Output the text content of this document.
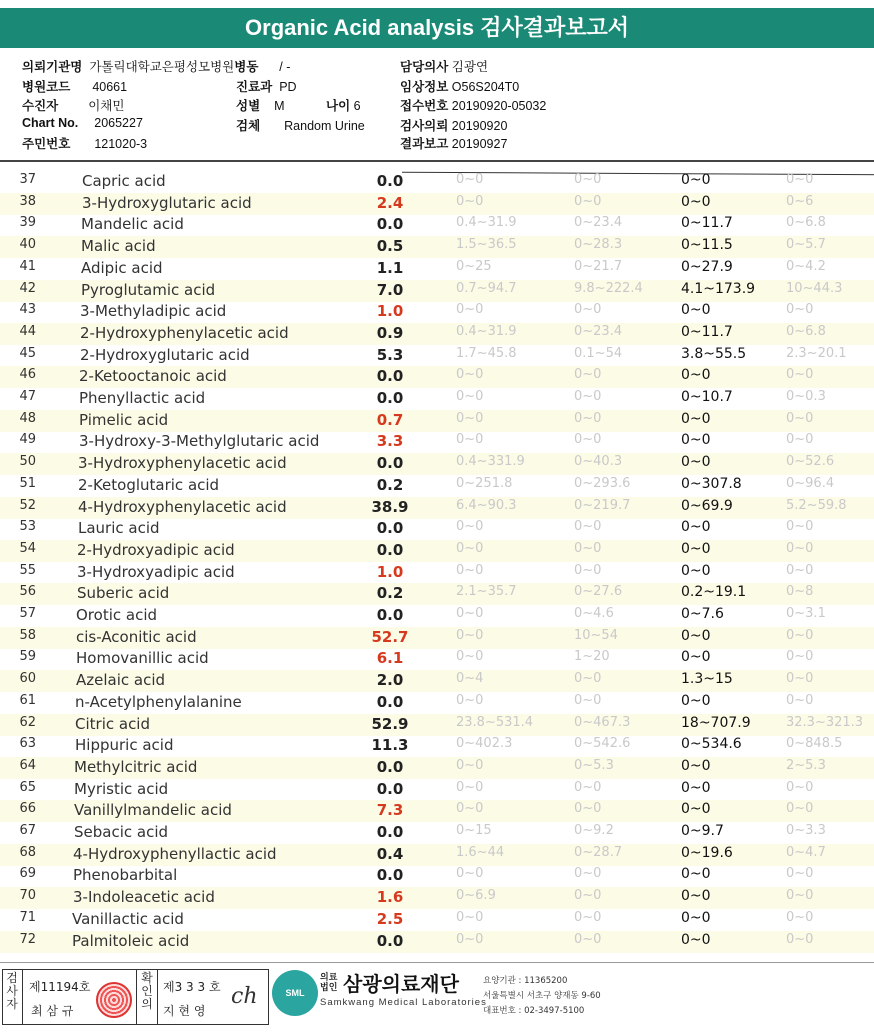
Organic Acid analysis 검사결과보고서
의뢰기관명 가톨릭대학교은평성모병원병동 / -	담당의사 김광연
병원코드 40661	진료과 PD	임상정보 O56S204T0
수진자 이채민	성별 M	나이 6	접수번호 20190920-05032
Chart No. 2065227	검체 Random Urine	검사의뢰 20190920
주민번호 121020-3	결과보고 20190927
37	Capric acid	0.0	0~0	0~0	0~0	0~0
38	3-Hydroxyglutaric acid	2.4	0~0	0~0	0~0	0~6
39	Mandelic acid	0.0	0.4~31.9	0~23.4	0~11.7	0~6.8
40	Malic acid	0.5	1.5~36.5	0~28.3	0~11.5	0~5.7
41	Adipic acid	1.1	0~25	0~21.7	0~27.9	0~4.2
42	Pyroglutamic acid	7.0	0.7~94.7	9.8~222.4	4.1~173.9 10~44.3
43	3-Methyladipic acid	1.0	0~0	0~0	0~0	0~0
44	2-Hydroxyphenylacetic acid	0.9	0.4~31.9	0~23.4	0~11.7	0~6.8
45	2-Hydroxyglutaric acid	5.3	1.7~45.8	0.1~54	3.8~55.5	2.3~20.1
46	2-Ketooctanoic acid	0.0	0~0	0~0	0~0	0~0
47	Phenyllactic acid	0.0	0~0	0~0	0~10.7	0~0.3
48	Pimelic acid	0.7	0~0	0~0	0~0	0~0
49	3-Hydroxy-3-Methylglutaric acid	3.3	0~0	0~0	0~0	0~0
50	3-Hydroxyphenylacetic acid	0.0	0.4~331.9	0~40.3	0~0	0~52.6
51	2-Ketoglutaric acid	0.2	0~251.8	0~293.6	0~307.8	0~96.4
52	4-Hydroxyphenylacetic acid	38.9	6.4~90.3	0~219.7	0~69.9	5.2~59.8
53	Lauric acid	0.0	0~0	0~0	0~0	0~0
54	2-Hydroxyadipic acid	0.0	0~0	0~0	0~0	0~0
55	3-Hydroxyadipic acid	1.0	0~0	0~0	0~0	0~0
56	Suberic acid	0.2	2.1~35.7	0~27.6	0.2~19.1	0~8
57	Orotic acid	0.0	0~0	0~4.6	0~7.6	0~3.1
58	cis-Aconitic acid	52.7	0~0	10~54	0~0	0~0
59	Homovanillic acid	6.1	0~0	1~20	0~0	0~0
60	Azelaic acid	2.0	0~4	0~0	1.3~15	0~0
61	n-Acetylphenylalanine	0.0	0~0	0~0	0~0	0~0
62	Citric acid	52.9	23.8~531.4	0~467.3	18~707.9	32.3~321.3
63	Hippuric acid	11.3	0~402.3	0~542.6	0~534.6	0~848.5
64	Methylcitric acid	0.0	0~0	0~5.3	0~0	2~5.3
65	Myristic acid	0.0	0~0	0~0	0~0	0~0
66	Vanillylmandelic acid	7.3	0~0	0~0	0~0	0~0
67	Sebacic acid	0.0	0~15	0~9.2	0~9.7	0~3.3
68 4-Hydroxyphenyllactic acid	0.4	1.6~44	0~28.7	0~19.6	0~4.7
69 Phenobarbital	0.0	0~0	0~0	0~0	0~0
70 3-Indoleacetic acid	1.6	0~6.9	0~0	0~0	0~0
71 Vanillactic acid	2.5	0~0	0~0	0~0	0~0
72 Palmitoleic acid	0.0	0~0	0~0	0~0	0~0
검사자
제11194호
최 삼 규
확인의
제3 3 3 호
지 현 영
ch	SML
의료법인 삼광의료재단
Samkwang Medical Laboratories
요양기관 : 11365200
서울특별시 서초구 양재동 9-60
대표번호 : 02-3497-5100
